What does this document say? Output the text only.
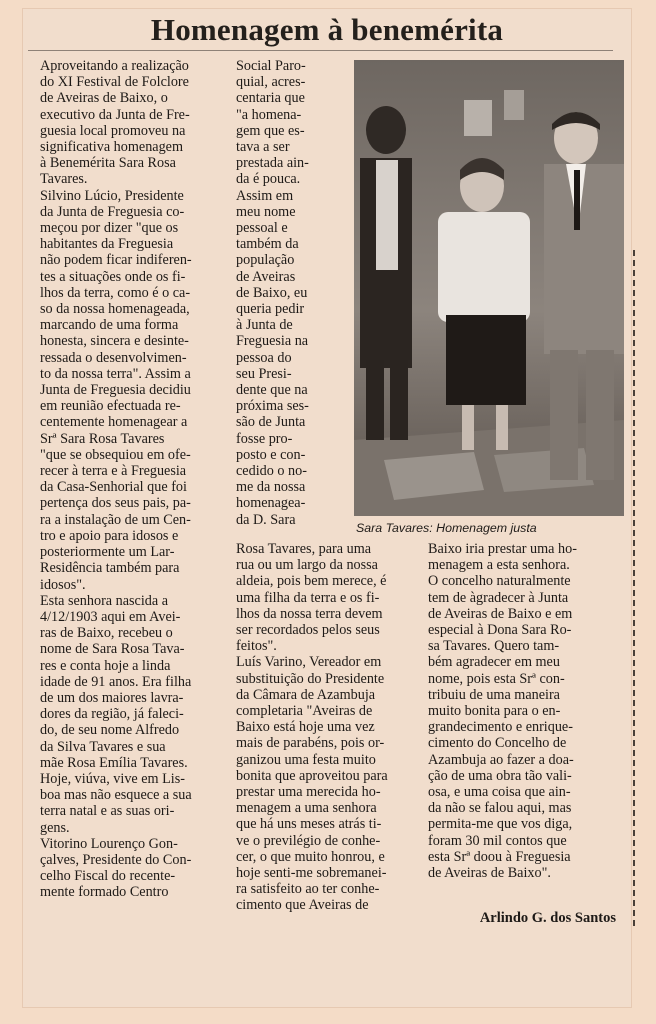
Homenagem à benemérita
Aproveitando a realização
do XI Festival de Folclore
de Aveiras de Baixo, o
executivo da Junta de Fre-
guesia local promoveu na
significativa homenagem
à Benemérita Sara Rosa
Tavares.
Silvino Lúcio, Presidente
da Junta de Freguesia co-
meçou por dizer "que os
habitantes da Freguesia
não podem ficar indiferen-
tes a situações onde os fi-
lhos da terra, como é o ca-
so da nossa homenageada,
marcando de uma forma
honesta, sincera e desinte-
ressada o desenvolvimen-
to da nossa terra". Assim a
Junta de Freguesia decidiu
em reunião efectuada re-
centemente homenagear a
Srª Sara Rosa Tavares
"que se obsequiou em ofe-
recer à terra e à Freguesia
da Casa-Senhorial que foi
pertença dos seus pais, pa-
ra a instalação de um Cen-
tro e apoio para idosos e
posteriormente um Lar-
Residência também para
idosos".
Esta senhora nascida a
4/12/1903 aqui em Avei-
ras de Baixo, recebeu o
nome de Sara Rosa Tava-
res e conta hoje a linda
idade de 91 anos. Era filha
de um dos maiores lavra-
dores da região, já faleci-
do, de seu nome Alfredo
da Silva Tavares e sua
mãe Rosa Emília Tavares.
Hoje, viúva, vive em Lis-
boa mas não esquece a sua
terra natal e as suas ori-
gens.
Vitorino Lourenço Gon-
çalves, Presidente do Con-
celho Fiscal do recente-
mente formado Centro
Social Paro-
quial, acres-
centaria que
"a homena-
gem que es-
tava a ser
prestada ain-
da é pouca.
Assim em
meu nome
pessoal e
também da
população
de Aveiras
de Baixo, eu
queria pedir
à Junta de
Freguesia na
pessoa do
seu Presi-
dente que na
próxima ses-
são de Junta
fosse pro-
posto e con-
cedido o no-
me da nossa
homenagea-
da D. Sara
Sara Tavares: Homenagem justa
Rosa Tavares, para uma
rua ou um largo da nossa
aldeia, pois bem merece, é
uma filha da terra e os fi-
lhos da nossa terra devem
ser recordados pelos seus
feitos".
Luís Varino, Vereador em
substituição do Presidente
da Câmara de Azambuja
completaria "Aveiras de
Baixo está hoje uma vez
mais de parabéns, pois or-
ganizou uma festa muito
bonita que aproveitou para
prestar uma merecida ho-
menagem a uma senhora
que há uns meses atrás ti-
ve o previlégio de conhe-
cer, o que muito honrou, e
hoje senti-me sobremanei-
ra satisfeito ao ter conhe-
cimento que Aveiras de
Baixo iria prestar uma ho-
menagem a esta senhora.
O concelho naturalmente
tem de àgradecer à Junta
de Aveiras de Baixo e em
especial à Dona Sara Ro-
sa Tavares. Quero tam-
bém agradecer em meu
nome, pois esta Srª con-
tribuiu de uma maneira
muito bonita para o en-
grandecimento e enrique-
cimento do Concelho de
Azambuja ao fazer a doa-
ção de uma obra tão vali-
osa, e uma coisa que ain-
da não se falou aqui, mas
permita-me que vos diga,
foram 30 mil contos que
esta Srª doou à Freguesia
de Aveiras de Baixo".
Arlindo G. dos Santos
